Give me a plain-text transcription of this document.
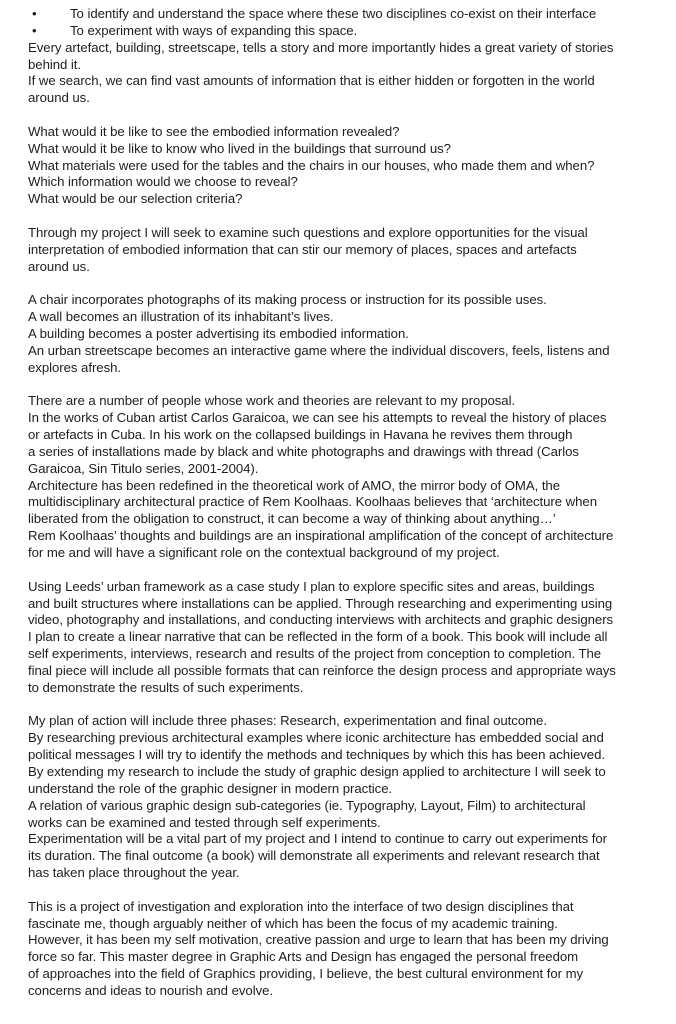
•	To identify and understand the space where these two disciplines co-exist on their interface
•	To experiment with ways of expanding this space.

Every artefact, building, streetscape, tells a story and more importantly hides a great variety of stories
behind it.
If we search, we can find vast amounts of information that is either hidden or forgotten in the world
around us.

What would it be like to see the embodied information revealed?
What would it be like to know who lived in the buildings that surround us?
What materials were used for the tables and the chairs in our houses, who made them and when?
Which information would we choose to reveal?
What would be our selection criteria?

Through my project I will seek to examine such questions and explore opportunities for the visual
interpretation of embodied information that can stir our memory of places, spaces and artefacts
around us.

A chair incorporates photographs of its making process or instruction for its possible uses.
A wall becomes an illustration of its inhabitant’s lives.
A building becomes a poster advertising its embodied information.
An urban streetscape becomes an interactive game where the individual discovers, feels, listens and
explores afresh.

There are a number of people whose work and theories are relevant to my proposal.
In the works of Cuban artist Carlos Garaicoa, we can see his attempts to reveal the history of places
or artefacts in Cuba. In his work on the collapsed buildings in Havana he revives them through
a series of installations made by black and white photographs and drawings with thread (Carlos
Garaicoa, Sin Titulo series, 2001-2004).
Architecture has been redefined in the theoretical work of AMO, the mirror body of OMA, the
multidisciplinary architectural practice of Rem Koolhaas. Koolhaas believes that ‘architecture when
liberated from the obligation to construct, it can become a way of thinking about anything…’
Rem Koolhaas’ thoughts and buildings are an inspirational amplification of the concept of architecture
for me and will have a significant role on the contextual background of my project.

Using Leeds’ urban framework as a case study I plan to explore specific sites and areas, buildings
and built structures where installations can be applied. Through researching and experimenting using
video, photography and installations, and conducting interviews with architects and graphic designers
I plan to create a linear narrative that can be reflected in the form of a book. This book will include all
self experiments, interviews, research and results of the project from conception to completion. The
final piece will include all possible formats that can reinforce the design process and appropriate ways
to demonstrate the results of such experiments.

My plan of action will include three phases: Research, experimentation and final outcome.
By researching previous architectural examples where iconic architecture has embedded social and
political messages I will try to identify the methods and techniques by which this has been achieved.
By extending my research to include the study of graphic design applied to architecture I will seek to
understand the role of the graphic designer in modern practice.
A relation of various graphic design sub-categories (ie. Typography, Layout, Film) to architectural
works can be examined and tested through self experiments.
Experimentation will be a vital part of my project and I intend to continue to carry out experiments for
its duration. The final outcome (a book) will demonstrate all experiments and relevant research that
has taken place throughout the year.

This is a project of investigation and exploration into the interface of two design disciplines that
fascinate me, though arguably neither of which has been the focus of my academic training.
However, it has been my self motivation, creative passion and urge to learn that has been my driving
force so far. This master degree in Graphic Arts and Design has engaged the personal freedom
of approaches into the field of Graphics providing, I believe, the best cultural environment for my
concerns and ideas to nourish and evolve.
